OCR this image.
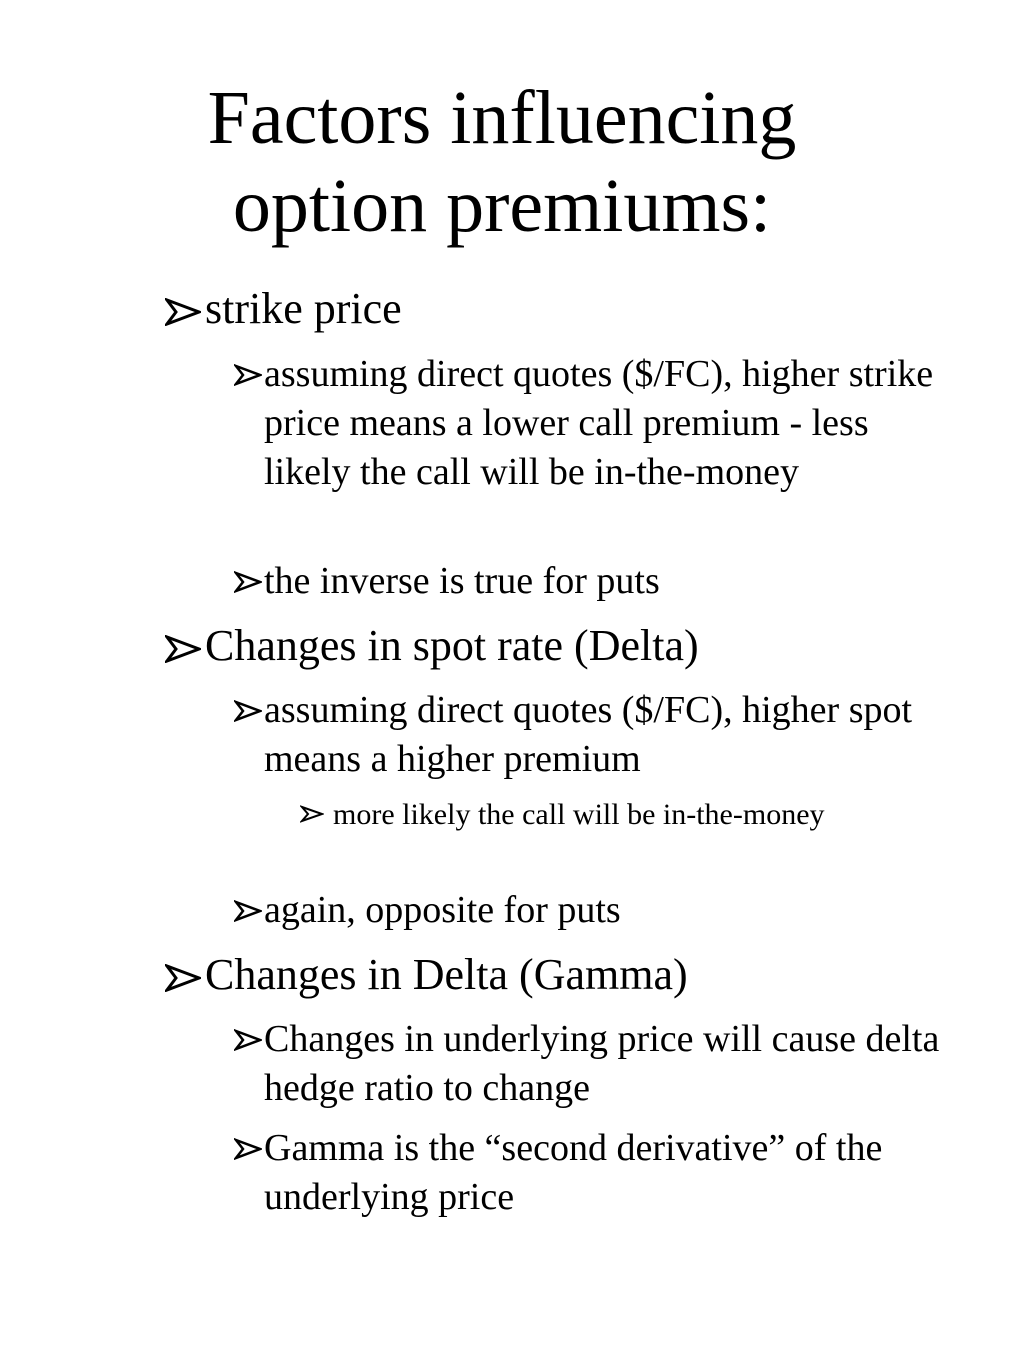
Factors influencing
option premiums:
strike price
assuming direct quotes ($/FC), higher strike price means a lower call premium - less likely the call will be in-the-money
the inverse is true for puts
Changes in spot rate (Delta)
assuming direct quotes ($/FC), higher spot means a higher premium
more likely the call will be in-the-money
again, opposite for puts
Changes in Delta (Gamma)
Changes in underlying price will cause delta hedge ratio to change
Gamma is the “second derivative” of the underlying price
